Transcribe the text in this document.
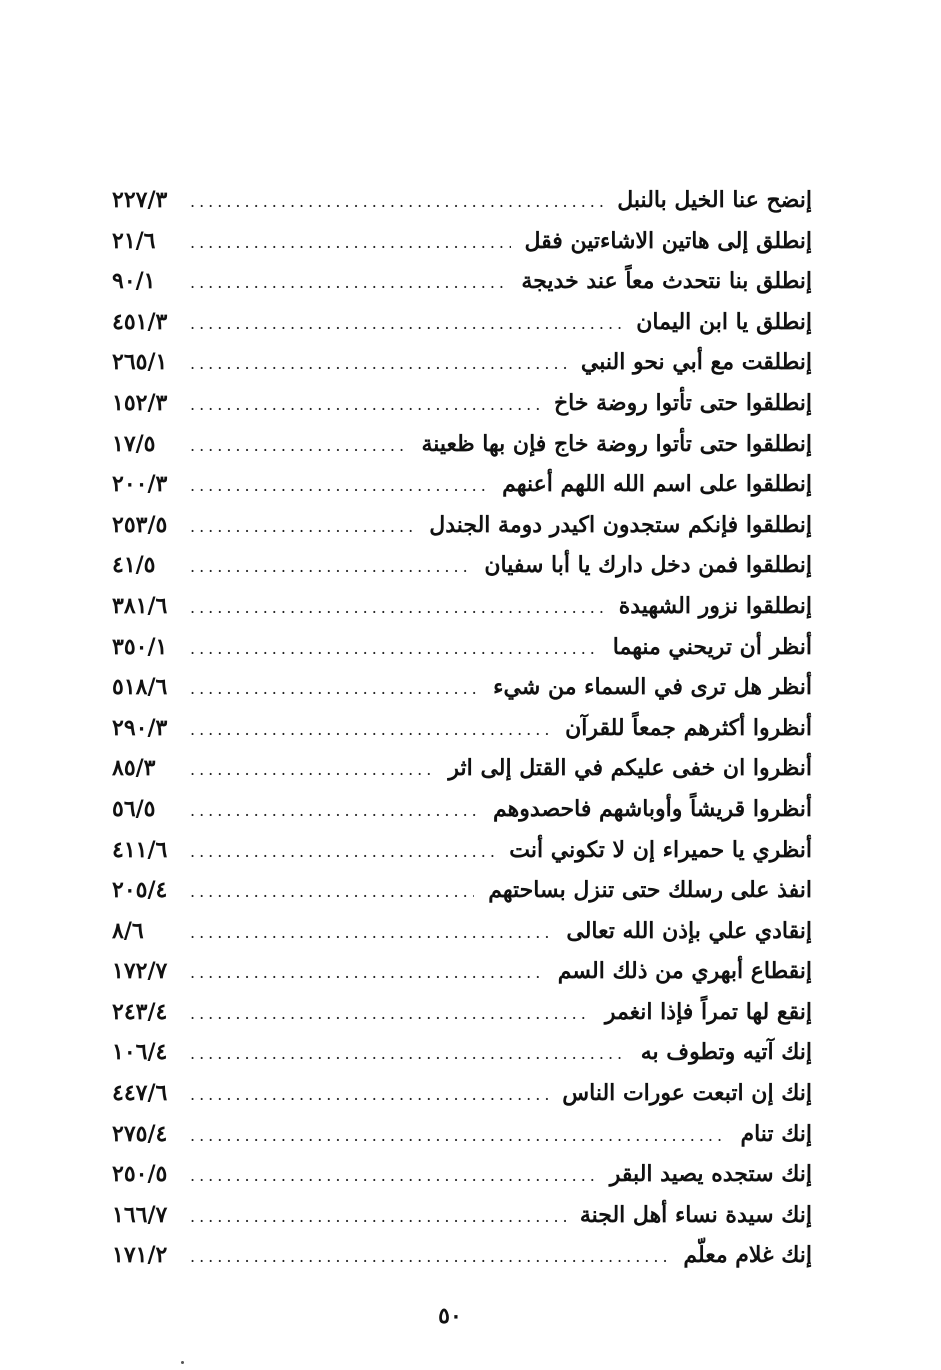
إنضح عنا الخيل بالنبل
.....
٢٢٧/٣
إنطلق إلى هاتين الاشاءتين فقل
.....
٢١/٦
إنطلق بنا نتحدث معاً عند خديجة
.....
٩٠/١
إنطلق يا ابن اليمان
.....
٤٥١/٣
إنطلقت مع أبي نحو النبي
.....
٢٦٥/١
إنطلقوا حتى تأتوا روضة خاخ
.....
١٥٢/٣
إنطلقوا حتى تأتوا روضة خاج فإن بها ظعينة
.....
١٧/٥
إنطلقوا على اسم الله اللهم أعنهم
.....
٢٠٠/٣
إنطلقوا فإنكم ستجدون اكيدر دومة الجندل
.....
٢٥٣/٥
إنطلقوا فمن دخل دارك يا أبا سفيان
.....
٤١/٥
إنطلقوا نزور الشهيدة
.....
٣٨١/٦
أنظر أن تريحني منهما
.....
٣٥٠/١
أنظر هل ترى في السماء من شيء
.....
٥١٨/٦
أنظروا أكثرهم جمعاً للقرآن
.....
٢٩٠/٣
أنظروا ان خفى عليكم في القتل إلى اثر
.....
٨٥/٣
أنظروا قريشاً وأوباشهم فاحصدوهم
.....
٥٦/٥
أنظري يا حميراء إن لا تكوني أنت
.....
٤١١/٦
انفذ على رسلك حتى تنزل بساحتهم
.....
٢٠٥/٤
إنقادي علي بإذن الله تعالى
.....
٨/٦
إنقطاع أبهري من ذلك السم
.....
١٧٢/٧
إنقع لها تمراً فإذا انغمر
.....
٢٤٣/٤
إنك آتيه وتطوف به
.....
١٠٦/٤
إنك إن اتبعت عورات الناس
.....
٤٤٧/٦
إنك تنام
.....
٢٧٥/٤
إنك ستجده يصيد البقر
.....
٢٥٠/٥
إنك سيدة نساء أهل الجنة
.....
١٦٦/٧
إنك غلام معلّم
.....
١٧١/٢
٥٠
